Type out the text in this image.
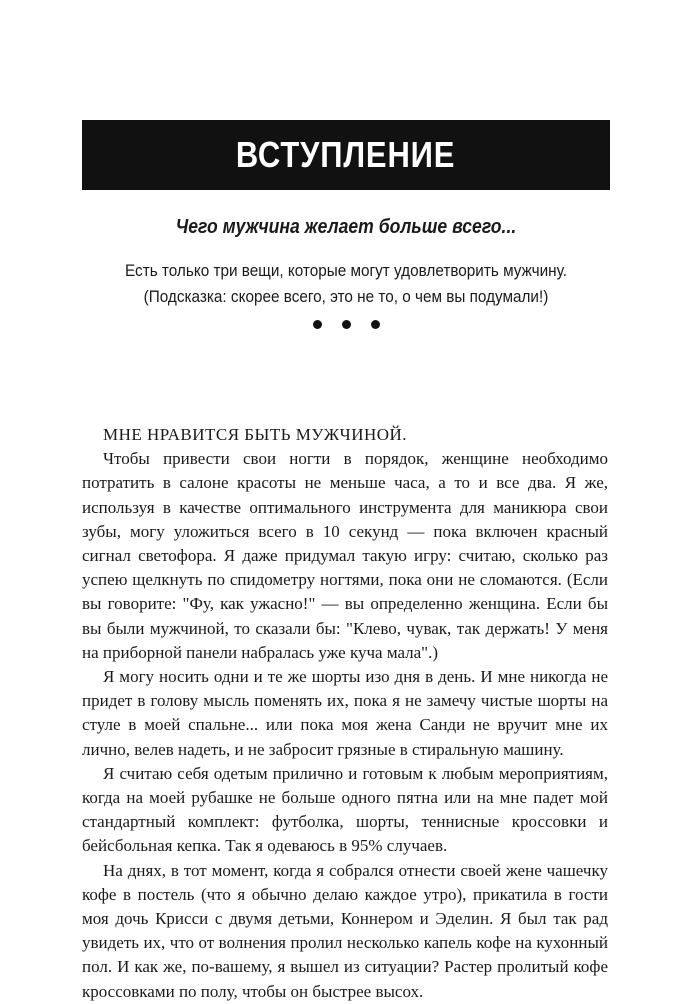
ВСТУПЛЕНИЕ
Чего мужчина желает больше всего...

Есть только три вещи, которые могут удовлетворить мужчину.

(Подсказка: скорее всего, это не то, о чем вы подумали!)

МНЕ НРАВИТСЯ БЫТЬ МУЖЧИНОЙ.

Чтобы привести свои ногти в порядок, женщине необходимо потратить в салоне красоты не меньше часа, а то и все два. Я же, используя в качестве оптимального инструмента для маникюра свои зубы, могу уложиться всего в 10 секунд — пока включен красный сигнал светофора. Я даже придумал такую игру: считаю, сколько раз успею щелкнуть по спидометру ногтями, пока они не сломаются. (Если вы говорите: "Фу, как ужасно!" — вы определенно женщина. Если бы вы были мужчиной, то сказали бы: "Клево, чувак, так держать! У меня на приборной панели набралась уже куча мала".)

Я могу носить одни и те же шорты изо дня в день. И мне никогда не придет в голову мысль поменять их, пока я не замечу чистые шорты на стуле в моей спальне... или пока моя жена Санди не вручит мне их лично, велев надеть, и не забросит грязные в стиральную машину.

Я считаю себя одетым прилично и готовым к любым мероприятиям, когда на моей рубашке не больше одного пятна или на мне падет мой стандартный комплект: футболка, шорты, теннисные кроссовки и бейсбольная кепка. Так я одеваюсь в 95% случаев.

На днях, в тот момент, когда я собрался отнести своей жене чашечку кофе в постель (что я обычно делаю каждое утро), прикатила в гости моя дочь Крисси с двумя детьми, Коннером и Эделин. Я был так рад увидеть их, что от волнения пролил несколько капель кофе на кухонный пол. И как же, по-вашему, я вышел из ситуации? Растер пролитый кофе кроссовками по полу, чтобы он быстрее высох.
